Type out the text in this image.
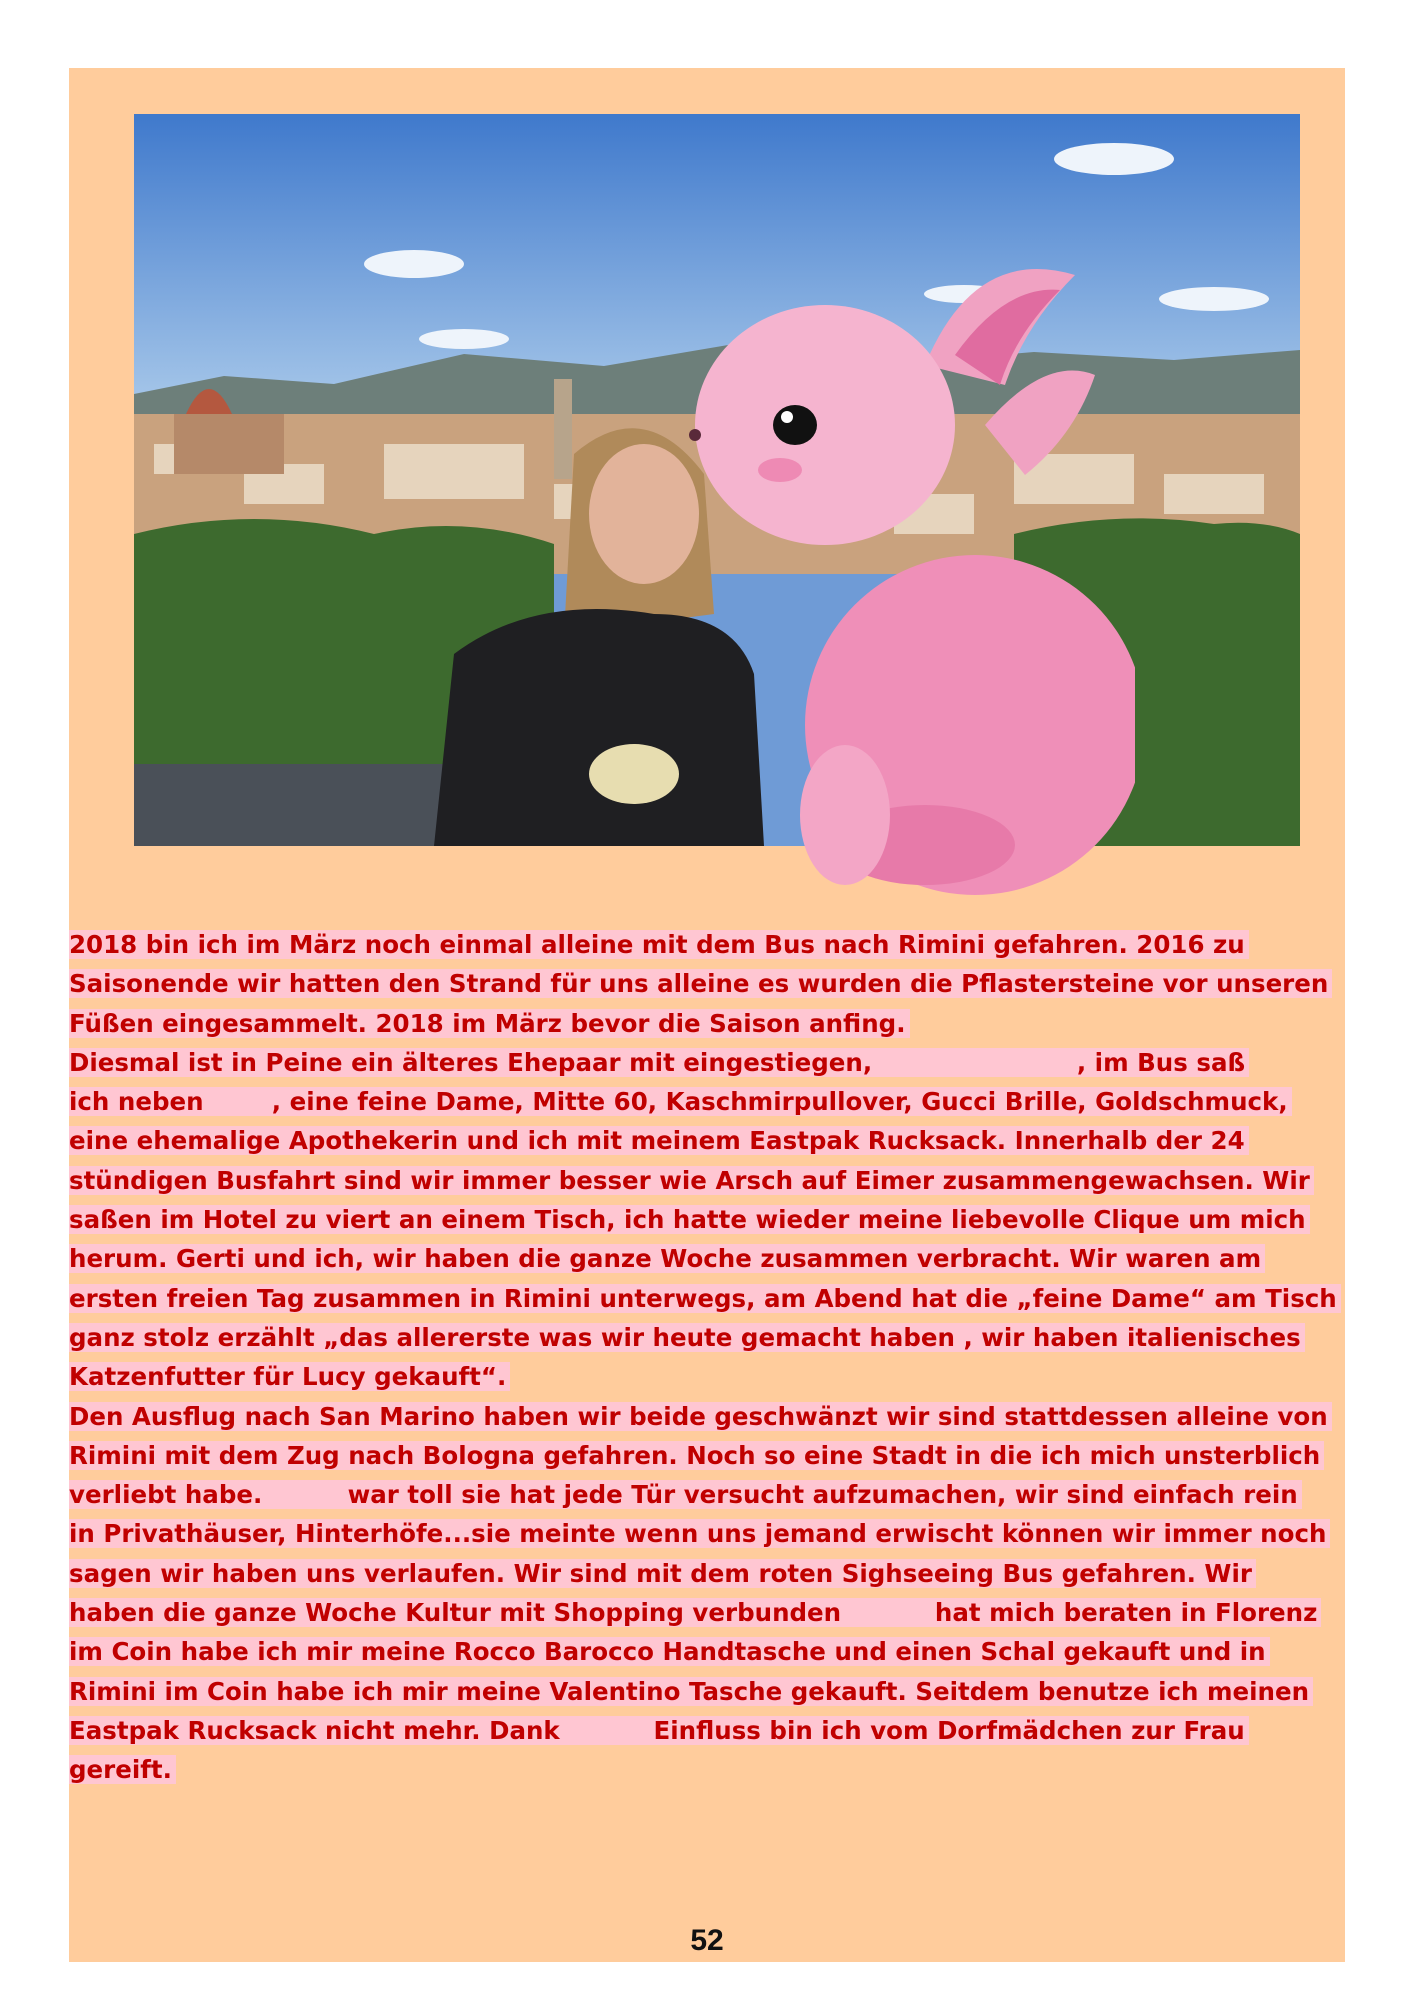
2018 bin ich im März noch einmal alleine mit dem Bus nach Rimini gefahren. 2016 zu
Saisonende wir hatten den Strand für uns alleine es wurden die Pflastersteine vor unseren
Füßen eingesammelt. 2018 im März bevor die Saison anfing.
Diesmal ist in Peine ein älteres Ehepaar mit eingestiegen,                        , im Bus saß
ich neben        , eine feine Dame, Mitte 60, Kaschmirpullover, Gucci Brille, Goldschmuck,
eine ehemalige Apothekerin und ich mit meinem Eastpak Rucksack. Innerhalb der 24
stündigen Busfahrt sind wir immer besser wie Arsch auf Eimer zusammengewachsen. Wir
saßen im Hotel zu viert an einem Tisch, ich hatte wieder meine liebevolle Clique um mich
herum. Gerti und ich, wir haben die ganze Woche zusammen verbracht. Wir waren am
ersten freien Tag zusammen in Rimini unterwegs, am Abend hat die „feine Dame“ am Tisch
ganz stolz erzählt „das allererste was wir heute gemacht haben , wir haben italienisches
Katzenfutter für Lucy gekauft“.
Den Ausflug nach San Marino haben wir beide geschwänzt wir sind stattdessen alleine von
Rimini mit dem Zug nach Bologna gefahren. Noch so eine Stadt in die ich mich unsterblich
verliebt habe.          war toll sie hat jede Tür versucht aufzumachen, wir sind einfach rein
in Privathäuser, Hinterhöfe...sie meinte wenn uns jemand erwischt können wir immer noch
sagen wir haben uns verlaufen. Wir sind mit dem roten Sighseeing Bus gefahren. Wir
haben die ganze Woche Kultur mit Shopping verbunden           hat mich beraten in Florenz
im Coin habe ich mir meine Rocco Barocco Handtasche und einen Schal gekauft und in
Rimini im Coin habe ich mir meine Valentino Tasche gekauft. Seitdem benutze ich meinen
Eastpak Rucksack nicht mehr. Dank           Einfluss bin ich vom Dorfmädchen zur Frau
gereift.
52
